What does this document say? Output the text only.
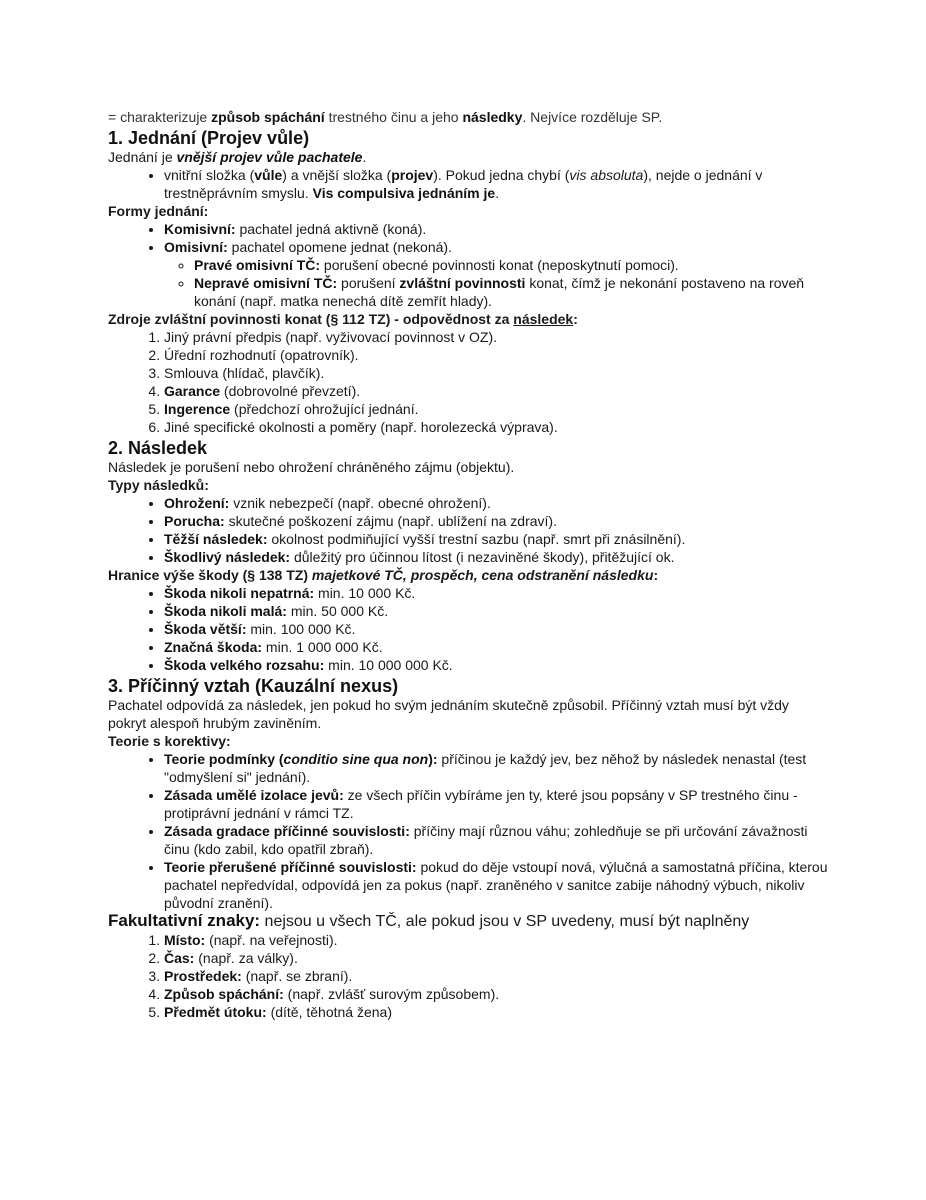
= charakterizuje způsob spáchání trestného činu a jeho následky. Nejvíce rozděluje SP.

1. Jednání (Projev vůle)

Jednání je vnější projev vůle pachatele.

• vnitřní složka (vůle) a vnější složka (projev). Pokud jedna chybí (vis absoluta), nejde o jednání v trestněprávním smyslu. Vis compulsiva jednáním je.

Formy jednání:

• Komisivní: pachatel jedná aktivně (koná).
• Omisivní: pachatel opomene jednat (nekoná).
◦ Pravé omisivní TČ: porušení obecné povinnosti konat (neposkytnutí pomoci).
◦ Nepravé omisivní TČ: porušení zvláštní povinnosti konat, čímž je nekonání postaveno na roveň konání (např. matka nenechá dítě zemřít hlady).

Zdroje zvláštní povinnosti konat (§ 112 TZ) - odpovědnost za následek:

1. Jiný právní předpis (např. vyživovací povinnost v OZ).
2. Úřední rozhodnutí (opatrovník).
3. Smlouva (hlídač, plavčík).
4. Garance (dobrovolné převzetí).
5. Ingerence (předchozí ohrožující jednání.
6. Jiné specifické okolnosti a poměry (např. horolezecká výprava).
2. Následek

Následek je porušení nebo ohrožení chráněného zájmu (objektu).

Typy následků:

• Ohrožení: vznik nebezpečí (např. obecné ohrožení).
• Porucha: skutečné poškození zájmu (např. ublížení na zdraví).
• Těžší následek: okolnost podmiňující vyšší trestní sazbu (např. smrt při znásilnění).
• Škodlivý následek: důležitý pro účinnou lítost (i nezaviněné škody), přitěžující ok.

Hranice výše škody (§ 138 TZ) majetkové TČ, prospěch, cena odstranění následku:

• Škoda nikoli nepatrná: min. 10 000 Kč.
• Škoda nikoli malá: min. 50 000 Kč.
• Škoda větší: min. 100 000 Kč.
• Značná škoda: min. 1 000 000 Kč.
• Škoda velkého rozsahu: min. 10 000 000 Kč.
3. Příčinný vztah (Kauzální nexus)

Pachatel odpovídá za následek, jen pokud ho svým jednáním skutečně způsobil. Příčinný vztah musí být vždy pokryt alespoň hrubým zaviněním.

Teorie s korektivy:

• Teorie podmínky (conditio sine qua non): příčinou je každý jev, bez něhož by následek nenastal (test "odmyšlení si" jednání).
• Zásada umělé izolace jevů: ze všech příčin vybíráme jen ty, které jsou popsány v SP trestného činu - protiprávní jednání v rámci TZ.
• Zásada gradace příčinné souvislosti: příčiny mají různou váhu; zohledňuje se při určování závažnosti činu (kdo zabil, kdo opatřil zbraň).
• Teorie přerušené příčinné souvislosti: pokud do děje vstoupí nová, výlučná a samostatná příčina, kterou pachatel nepředvídal, odpovídá jen za pokus (např. zraněného v sanitce zabije náhodný výbuch, nikoliv původní zranění).

Fakultativní znaky: nejsou u všech TČ, ale pokud jsou v SP uvedeny, musí být naplněny

1. Místo: (např. na veřejnosti).
2. Čas: (např. za války).
3. Prostředek: (např. se zbraní).
4. Způsob spáchání: (např. zvlášť surovým způsobem).
5. Předmět útoku: (dítě, těhotná žena)
